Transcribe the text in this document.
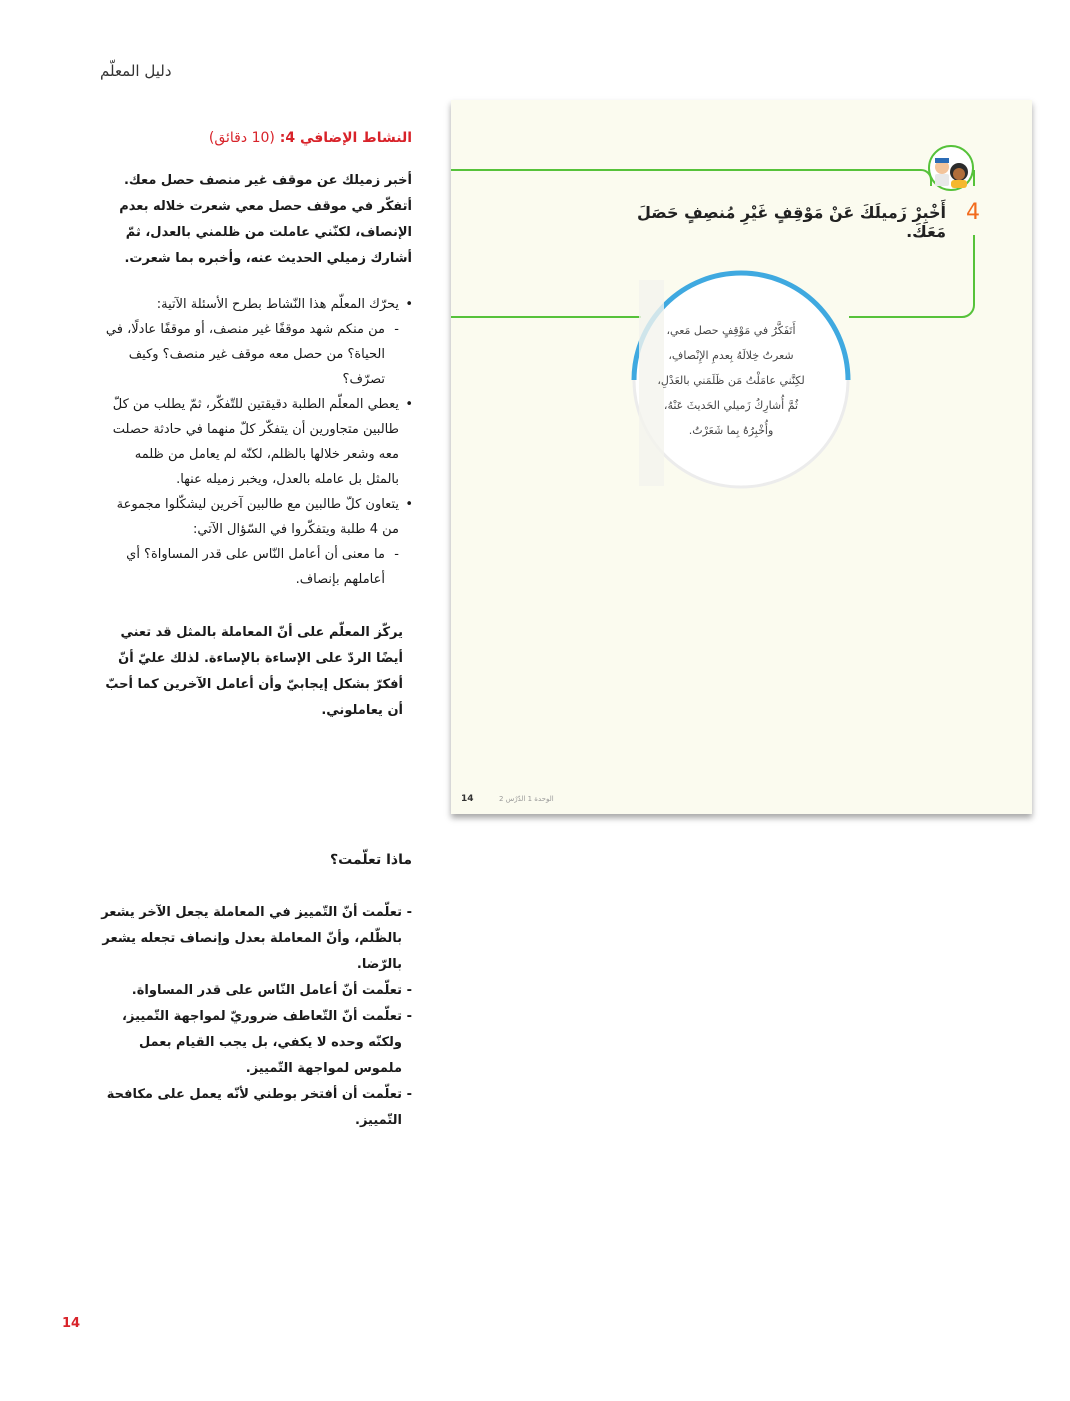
دليل المعلّم
النشاط الإضافي 4: (10 دقائق)
أخبر زميلك عن موقف غير منصف حصل معك.
أتفكّر في موقف حصل معي شعرت خلاله بعدم الإنصاف، لكنّني عاملت من ظلمني بالعدل، ثمّ أشارك زميلي الحديث عنه، وأخبره بما شعرت.
•
يحرّك المعلّم هذا النّشاط بطرح الأسئلة الآتية:
-
من منكم شهد موقفًا غير منصف، أو موقفًا عادلًا، في الحياة؟ من حصل معه موقف غير منصف؟ وكيف تصرّف؟
•
يعطي المعلّم الطلبة دقيقتين للتّفكّر، ثمّ يطلب من كلّ طالبين متجاورين أن يتفكّر كلّ منهما في حادثة حصلت معه وشعر خلالها بالظلم، لكنّه لم يعامل من ظلمه بالمثل بل عامله بالعدل، ويخبر زميله عنها.
•
يتعاون كلّ طالبين مع طالبين آخرين ليشكّلوا مجموعة من 4 طلبة ويتفكّروا في السّؤال الآتي:
-
ما معنى أن أعامل النّاس على قدر المساواة؟ أي أعاملهم بإنصاف.
يركّز المعلّم على أنّ المعاملة بالمثل قد تعني أيضًا الردّ على الإساءة بالإساءة. لذلك عليّ أنّ أفكرّ بشكل إيجابيّ وأن أعامل الآخرين كما أحبّ أن يعاملوني.
ماذا تعلّمت؟
-
تعلّمت أنّ التّمييز في المعاملة يجعل الآخر يشعر بالظّلم، وأنّ المعاملة بعدل وإنصاف تجعله يشعر بالرّضا.
-
تعلّمت أنّ أعامل النّاس على قدر المساواة.
-
تعلّمت أنّ التّعاطف ضروريّ لمواجهة التّمييز، ولكنّه وحده لا يكفي، بل يجب القيام بعمل ملموس لمواجهة التّمييز.
-
تعلّمت أن أفتخر بوطني لأنّه يعمل على مكافحة التّمييز.
14
4
أَخْبِرْ زَميلَكَ عَنْ مَوْقِفٍ غَيْرِ مُنصِفٍ حَصَلَ مَعَكَ.
أَتَفَكَّرُ في مَوْقِفٍ حصل مَعي،
شعرتُ خِلالَهُ بِعدمِ الإِنْصافِ،
لكِنَّني عامَلْتُ مَن ظَلَمَني بالعَدْلِ،
ثُمَّ أُشارِكُ زَميلي الحَديثَ عَنْهُ،
وأُخْبِرُهُ بِما شَعَرْتُ.
14	الوحدة 1 الدّرْس 2
